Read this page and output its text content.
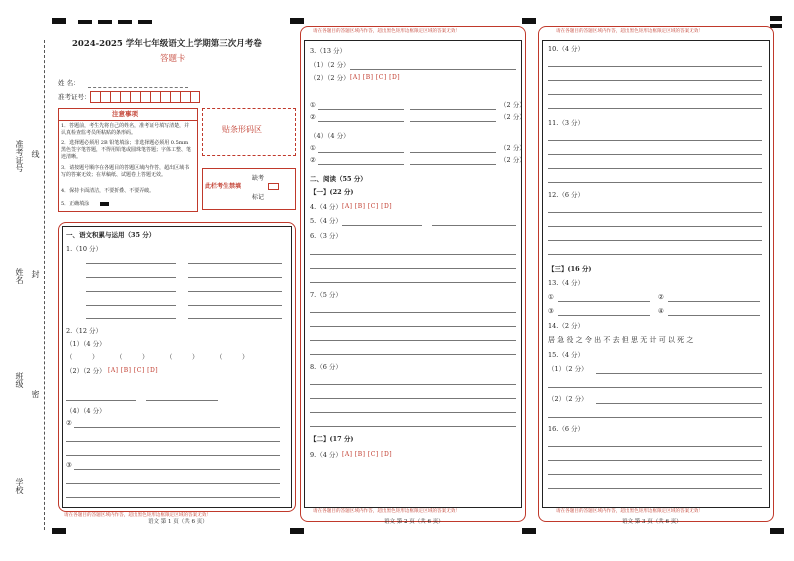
准考证号 线
姓名 封
班级
密
学校
2024-2025 学年七年级语文上学期第三次月考卷
答题卡
姓 名：
准考证号：
注意事项
1．答题前，考生先将自己的姓名，准考证号填写清楚，并认真检查监考员所粘贴的条形码。
2．选择题必须用 2B 铅笔填涂；非选择题必须用 0.5mm 黑色签字笔答题，不得用铅笔或圆珠笔答题；字体工整、笔迹清晰。
3．请按题号顺序在各题目的答题区域内作答，超出区域书写的答案无效；在草稿纸、试题卷上答题无效。
4．保持卡面清洁，不要折叠、不要弄破。
5．正确填涂
贴条形码区
此栏考生禁填
缺考
标记
一、语文积累与运用（35 分）
1.（10 分）
2.（12 分）
（1）（4 分）
（　　　）	（　　　）	（　　　）	（　　　）
（2）（2 分） [A] [B] [C] [D]
（4）（4 分）
②
③
请在各题目的答题区域内作答，超出黑色矩形边框限定区域的答案无效！
语文 第 1 页（共 6 页）
请在各题目的答题区域内作答，超出黑色矩形边框限定区域的答案无效！
3.（13 分）
（1）（2 分）
（2）（2 分） [A] [B] [C] [D]
①	（2 分）
②	（2 分）
（4）（4 分）
①	（2 分）
②	（2 分）
二、阅读（55 分）
【一】(22 分)
4.（4 分） [A] [B] [C] [D]
5.（4 分）
6.（3 分）
7.（5 分）
8.（6 分）
【二】(17 分)
9.（4 分） [A] [B] [C] [D]
请在各题目的答题区域内作答，超出黑色矩形边框限定区域的答案无效！
语文 第 2 页（共 6 页）
请在各题目的答题区域内作答，超出黑色矩形边框限定区域的答案无效！
10.（4 分）
11.（3 分）
12.（6 分）
【三】(16 分)
13.（4 分）
①	②
③	④
14.（2 分）
居 急 役 之 令 出 不 去 但 思 无 计 可 以 死 之
15.（4 分）
（1）（2 分）
（2）（2 分）
16.（6 分）
请在各题目的答题区域内作答，超出黑色矩形边框限定区域的答案无效！
语文 第 3 页（共 6 页）
